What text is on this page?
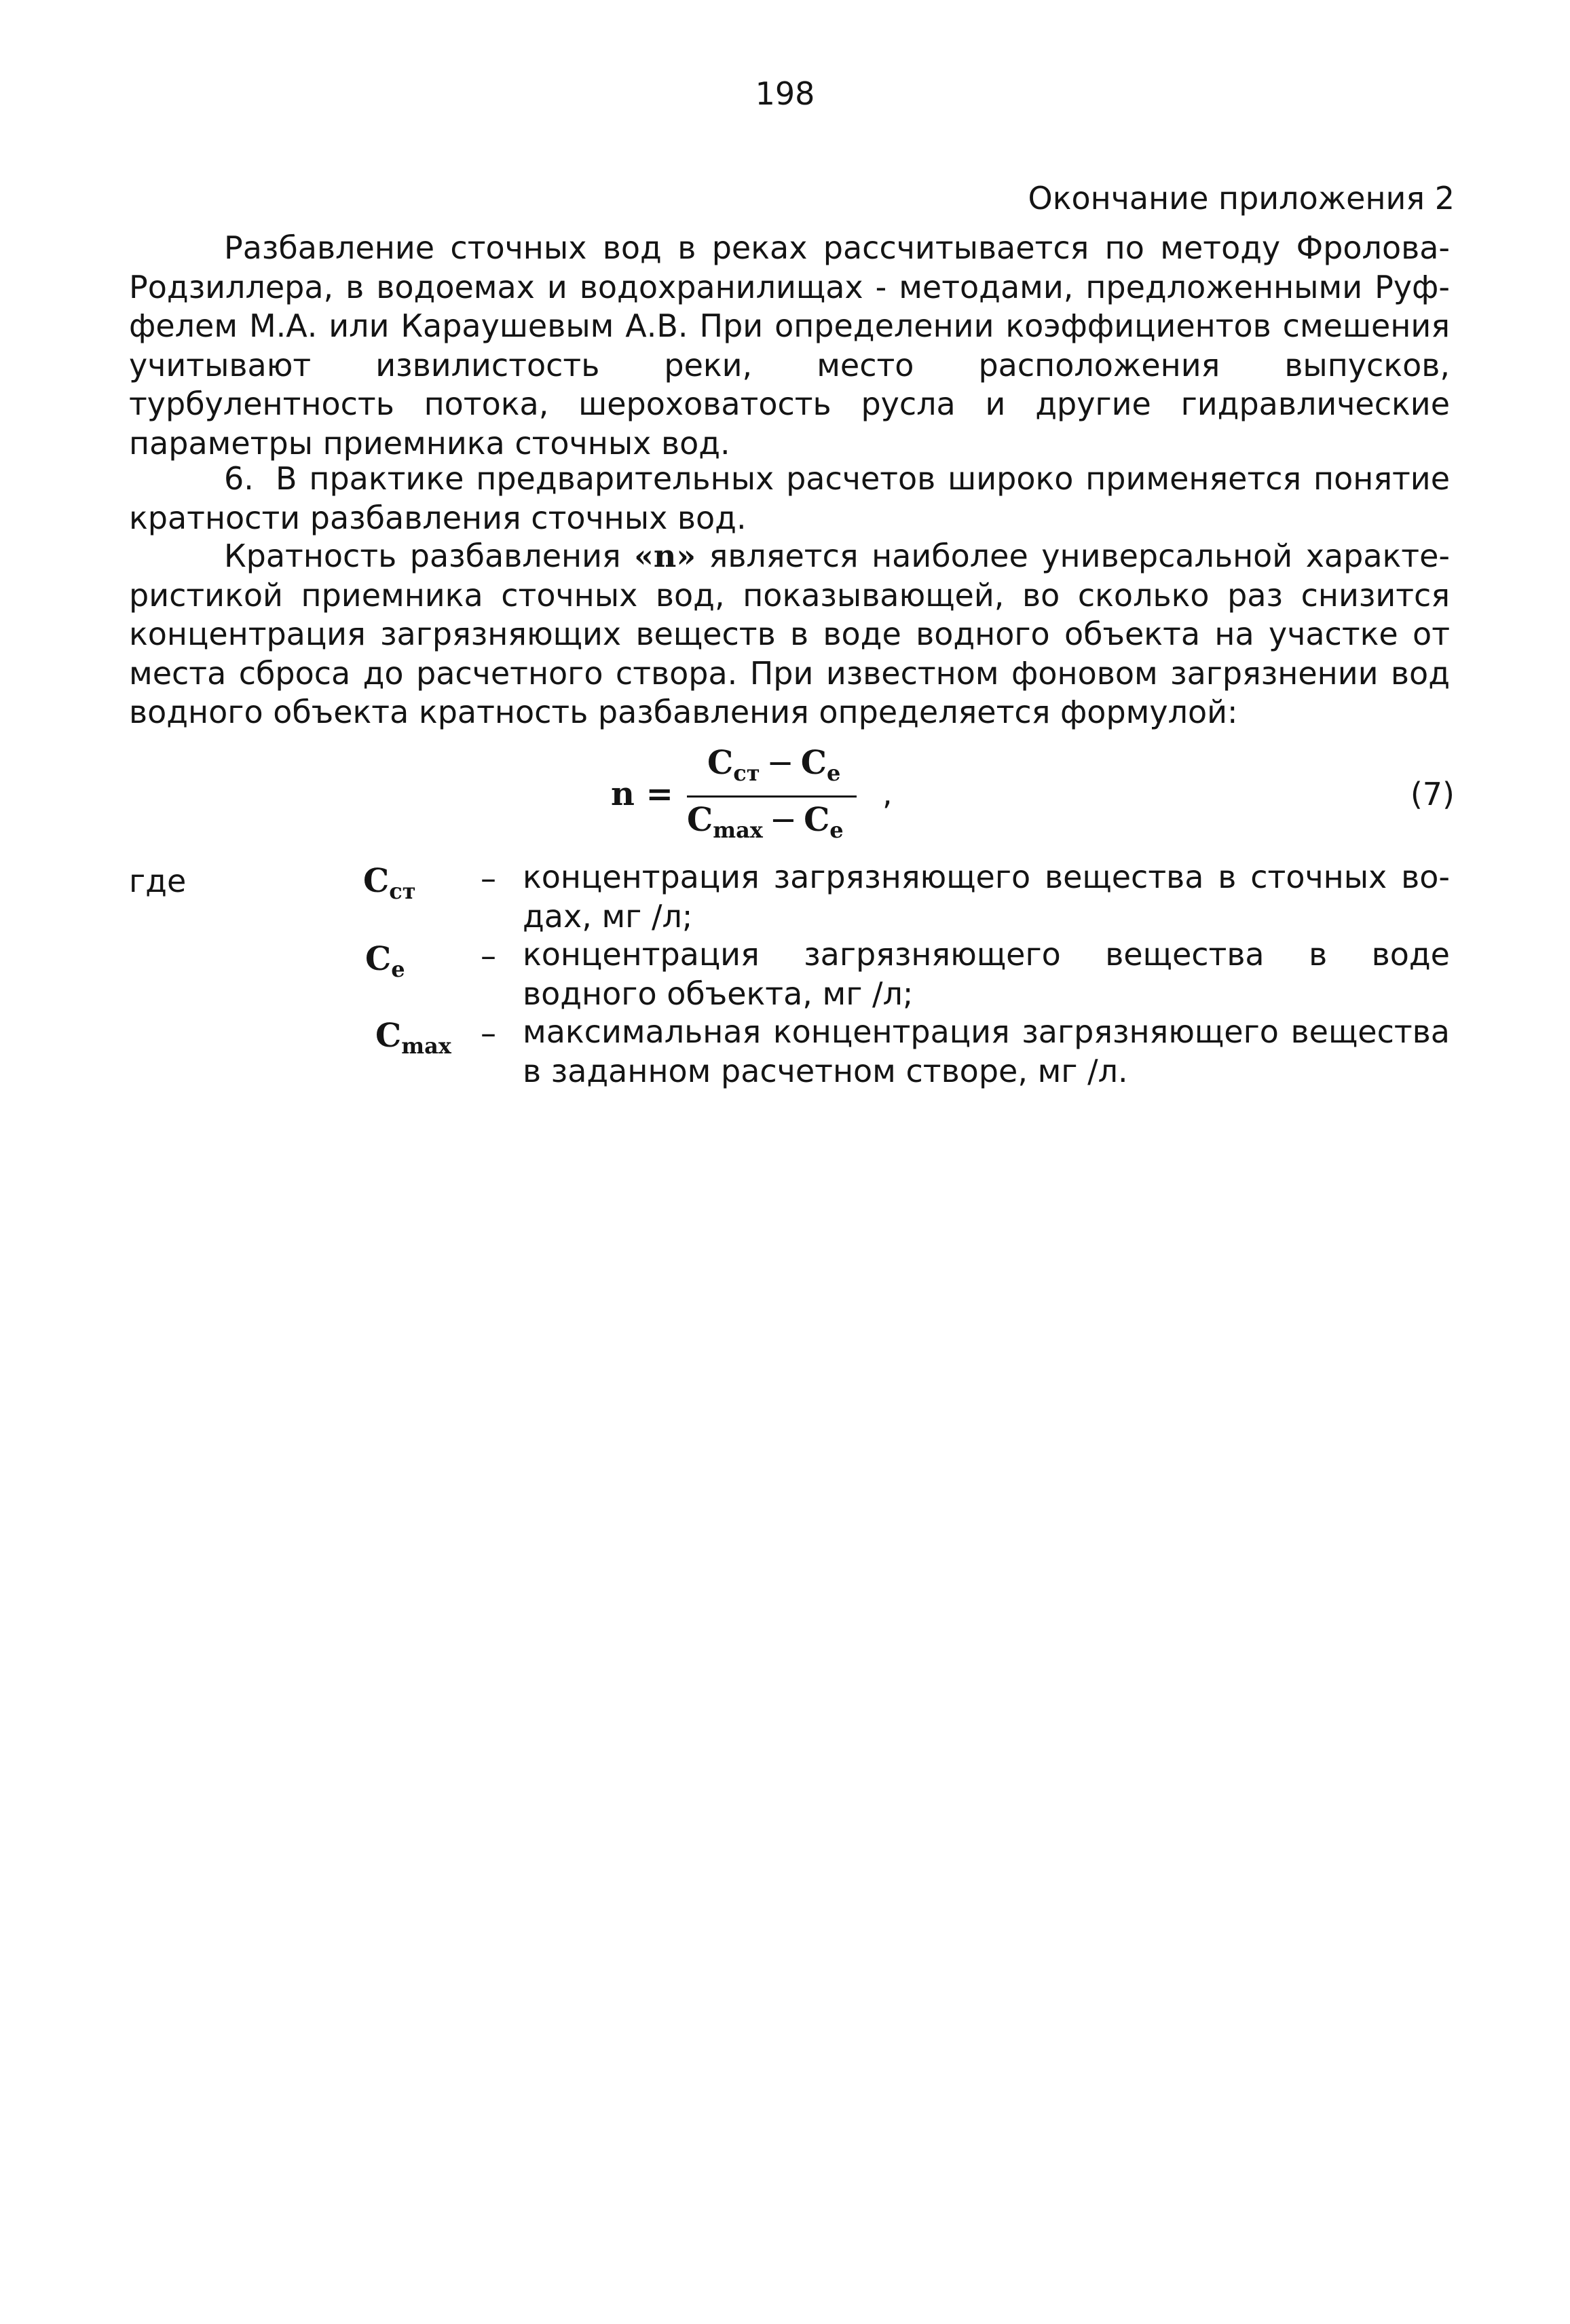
198
Окончание приложения 2
Разбавление сточных вод в реках рассчитывается по методу Фролова-Родзиллера, в водоемах и водохранилищах - методами, предложенными Руффелем М.А. или Караушевым А.В. При определении коэффициентов смешения учитывают извилистость реки, место расположения выпусков, турбулентность потока, шероховатость русла и другие гидравлические параметры приемника сточных вод.
6. В практике предварительных расчетов широко применяется понятие кратности разбавления сточных вод.
Кратность разбавления «n» является наиболее универсальной характеристикой приемника сточных вод, показывающей, во сколько раз снизится концентрация загрязняющих веществ в воде водного объекта на участке от места сброса до расчетного створа. При известном фоновом загрязнении вод водного объекта кратность разбавления определяется формулой:
n =
$C_{ст} - C_e$
$C_{max} - C_e$
,	(7)
где	$C_{ст}$ – концентрация загрязняющего вещества в сточных водах, мг /л;
$C_e$ – концентрация загрязняющего вещества в воде водного объекта, мг /л;
$C_{max}$ – максимальная концентрация загрязняющего вещества в заданном расчетном створе, мг /л.
